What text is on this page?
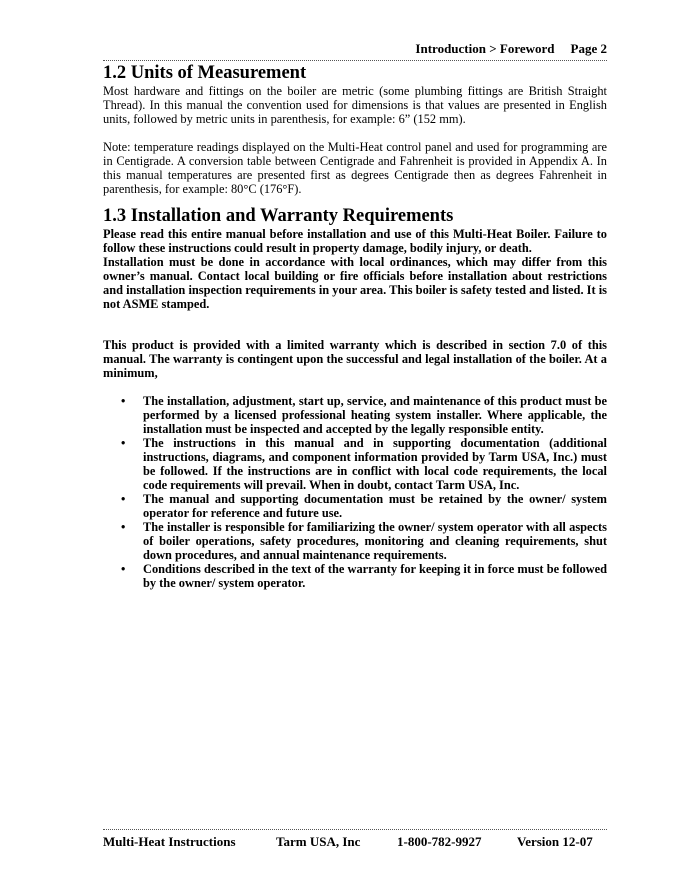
Introduction > Foreword Page 2
1.2 Units of Measurement

Most hardware and fittings on the boiler are metric (some plumbing fittings are British Straight Thread). In this manual the convention used for dimensions is that values are presented in English units, followed by metric units in parenthesis, for example: 6” (152 mm).

Note: temperature readings displayed on the Multi-Heat control panel and used for programming are in Centigrade. A conversion table between Centigrade and Fahrenheit is provided in Appendix A. In this manual temperatures are presented first as degrees Centigrade then as degrees Fahrenheit in parenthesis, for example: 80°C (176°F).

1.3 Installation and Warranty Requirements

Please read this entire manual before installation and use of this Multi-Heat Boiler. Failure to follow these instructions could result in property damage, bodily injury, or death.

Installation must be done in accordance with local ordinances, which may differ from this owner’s manual. Contact local building or fire officials before installation about restrictions and installation inspection requirements in your area. This boiler is safety tested and listed. It is not ASME stamped.

This product is provided with a limited warranty which is described in section 7.0 of this manual. The warranty is contingent upon the successful and legal installation of the boiler. At a minimum,

• The installation, adjustment, start up, service, and maintenance of this product must be performed by a licensed professional heating system installer. Where applicable, the installation must be inspected and accepted by the legally responsible entity.
• The instructions in this manual and in supporting documentation (additional instructions, diagrams, and component information provided by Tarm USA, Inc.) must be followed. If the instructions are in conflict with local code requirements, the local code requirements will prevail. When in doubt, contact Tarm USA, Inc.
• The manual and supporting documentation must be retained by the owner/ system operator for reference and future use.
• The installer is responsible for familiarizing the owner/ system operator with all aspects of boiler operations, safety procedures, monitoring and cleaning requirements, shut down procedures, and annual maintenance requirements.
• Conditions described in the text of the warranty for keeping it in force must be followed by the owner/ system operator.
Multi-Heat Instructions	Tarm USA, Inc	1-800-782-9927	Version 12-07
